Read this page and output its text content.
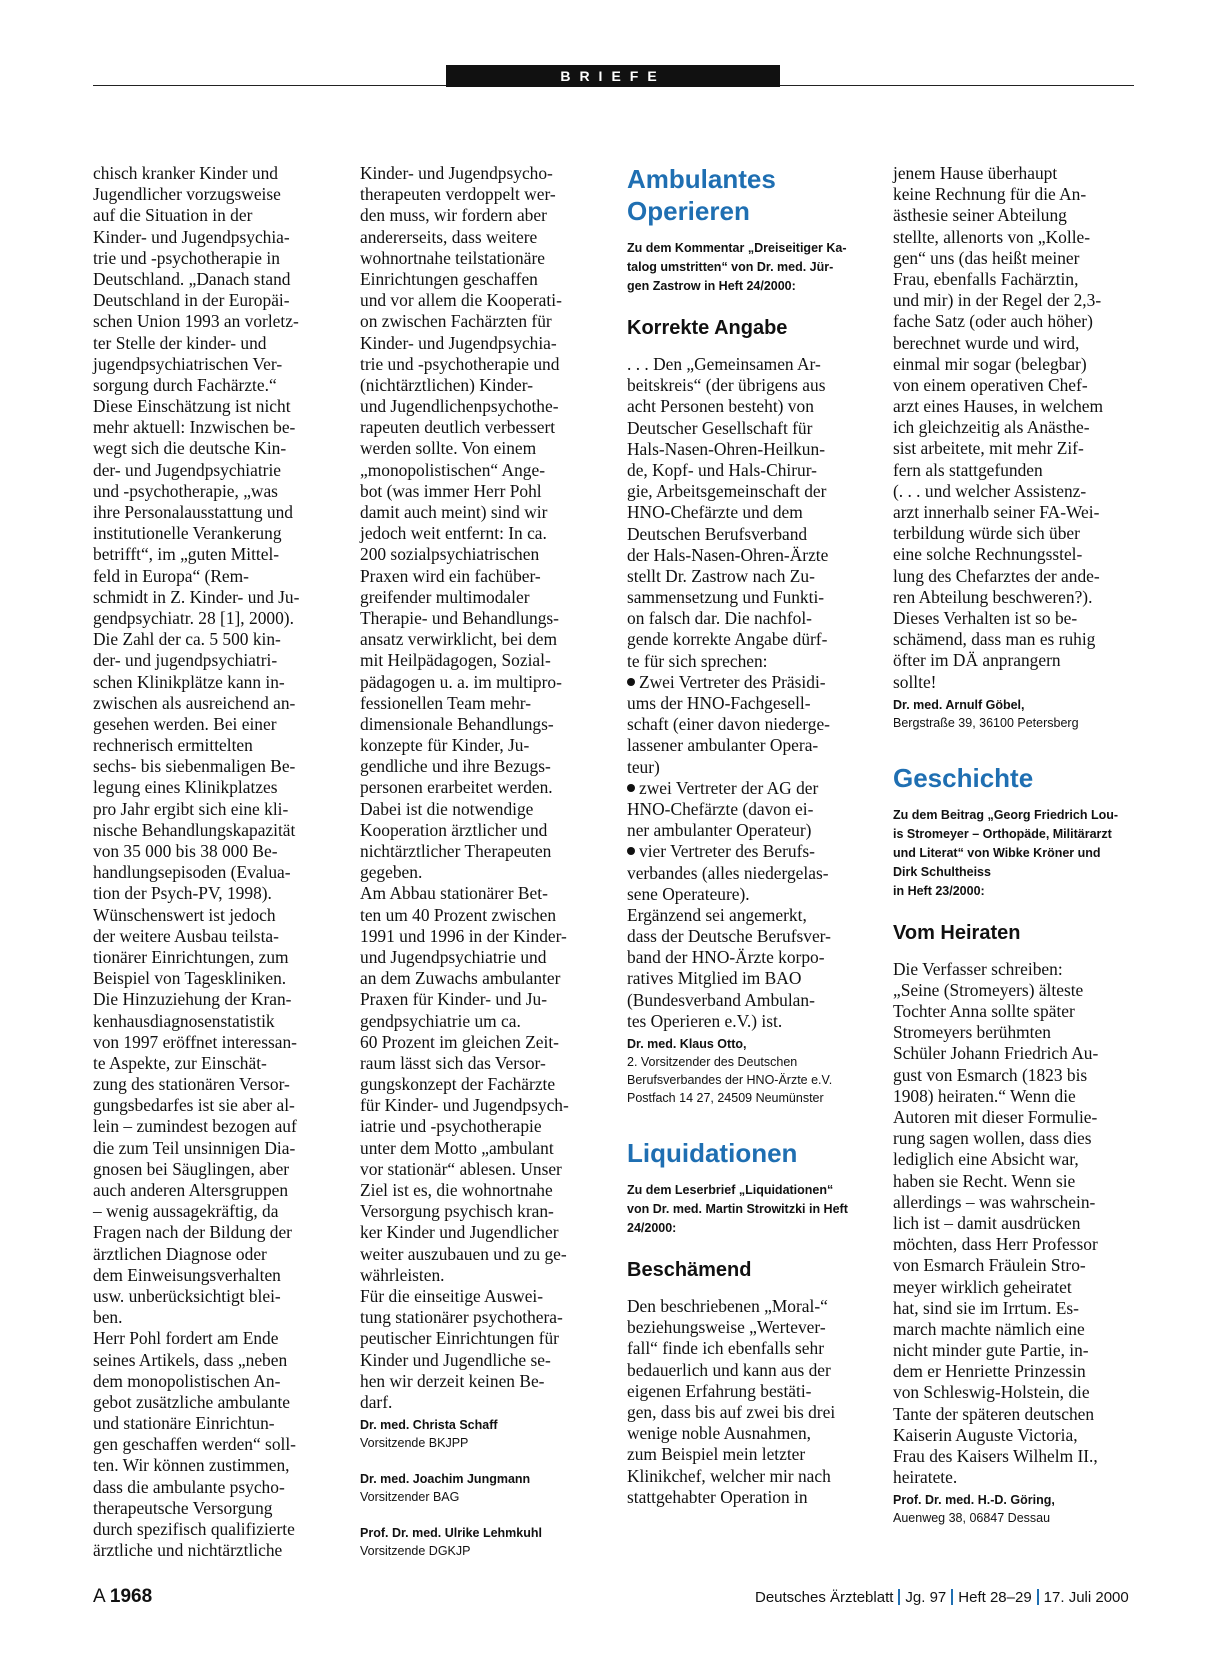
BRIEFE
chisch kranker Kinder und
Jugendlicher vorzugsweise
auf die Situation in der
Kinder- und Jugendpsychia-
trie und -psychotherapie in
Deutschland. „Danach stand
Deutschland in der Europäi-
schen Union 1993 an vorletz-
ter Stelle der kinder- und
jugendpsychiatrischen Ver-
sorgung durch Fachärzte.“
Diese Einschätzung ist nicht
mehr aktuell: Inzwischen be-
wegt sich die deutsche Kin-
der- und Jugendpsychiatrie
und -psychotherapie, „was
ihre Personalausstattung und
institutionelle Verankerung
betrifft“, im „guten Mittel-
feld in Europa“ (Rem-
schmidt in Z. Kinder- und Ju-
gendpsychiatr. 28 [1], 2000).
Die Zahl der ca. 5 500 kin-
der- und jugendpsychiatri-
schen Klinikplätze kann in-
zwischen als ausreichend an-
gesehen werden. Bei einer
rechnerisch ermittelten
sechs- bis siebenmaligen Be-
legung eines Klinikplatzes
pro Jahr ergibt sich eine kli-
nische Behandlungskapazität
von 35 000 bis 38 000 Be-
handlungsepisoden (Evalua-
tion der Psych-PV, 1998).
Wünschenswert ist jedoch
der weitere Ausbau teilsta-
tionärer Einrichtungen, zum
Beispiel von Tageskliniken.
Die Hinzuziehung der Kran-
kenhausdiagnosenstatistik
von 1997 eröffnet interessan-
te Aspekte, zur Einschät-
zung des stationären Versor-
gungsbedarfes ist sie aber al-
lein – zumindest bezogen auf
die zum Teil unsinnigen Dia-
gnosen bei Säuglingen, aber
auch anderen Altersgruppen
– wenig aussagekräftig, da
Fragen nach der Bildung der
ärztlichen Diagnose oder
dem Einweisungsverhalten
usw. unberücksichtigt blei-
ben.
Herr Pohl fordert am Ende
seines Artikels, dass „neben
dem monopolistischen An-
gebot zusätzliche ambulante
und stationäre Einrichtun-
gen geschaffen werden“ soll-
ten. Wir können zustimmen,
dass die ambulante psycho-
therapeutsche Versorgung
durch spezifisch qualifizierte
ärztliche und nichtärztliche
Kinder- und Jugendpsycho-
therapeuten verdoppelt wer-
den muss, wir fordern aber
andererseits, dass weitere
wohnortnahe teilstationäre
Einrichtungen geschaffen
und vor allem die Kooperati-
on zwischen Fachärzten für
Kinder- und Jugendpsychia-
trie und -psychotherapie und
(nichtärztlichen) Kinder-
und Jugendlichenpsychothe-
rapeuten deutlich verbessert
werden sollte. Von einem
„monopolistischen“ Ange-
bot (was immer Herr Pohl
damit auch meint) sind wir
jedoch weit entfernt: In ca.
200 sozialpsychiatrischen
Praxen wird ein fachüber-
greifender multimodaler
Therapie- und Behandlungs-
ansatz verwirklicht, bei dem
mit Heilpädagogen, Sozial-
pädagogen u. a. im multipro-
fessionellen Team mehr-
dimensionale Behandlungs-
konzepte für Kinder, Ju-
gendliche und ihre Bezugs-
personen erarbeitet werden.
Dabei ist die notwendige
Kooperation ärztlicher und
nichtärztlicher Therapeuten
gegeben.
Am Abbau stationärer Bet-
ten um 40 Prozent zwischen
1991 und 1996 in der Kinder-
und Jugendpsychiatrie und
an dem Zuwachs ambulanter
Praxen für Kinder- und Ju-
gendpsychiatrie um ca.
60 Prozent im gleichen Zeit-
raum lässt sich das Versor-
gungskonzept der Fachärzte
für Kinder- und Jugendpsych-
iatrie und -psychotherapie
unter dem Motto „ambulant
vor stationär“ ablesen. Unser
Ziel ist es, die wohnortnahe
Versorgung psychisch kran-
ker Kinder und Jugendlicher
weiter auszubauen und zu ge-
währleisten.
Für die einseitige Auswei-
tung stationärer psychothera-
peutischer Einrichtungen für
Kinder und Jugendliche se-
hen wir derzeit keinen Be-
darf.
Dr. med. Christa Schaff
Vorsitzende BKJPP
Dr. med. Joachim Jungmann
Vorsitzender BAG
Prof. Dr. med. Ulrike Lehmkuhl
Vorsitzende DGKJP
Ambulantes
Operieren
Zu dem Kommentar „Dreiseitiger Ka-
talog umstritten“ von Dr. med. Jür-
gen Zastrow in Heft 24/2000:
Korrekte Angabe
. . . Den „Gemeinsamen Ar-
beitskreis“ (der übrigens aus
acht Personen besteht) von
Deutscher Gesellschaft für
Hals-Nasen-Ohren-Heilkun-
de, Kopf- und Hals-Chirur-
gie, Arbeitsgemeinschaft der
HNO-Chefärzte und dem
Deutschen Berufsverband
der Hals-Nasen-Ohren-Ärzte
stellt Dr. Zastrow nach Zu-
sammensetzung und Funkti-
on falsch dar. Die nachfol-
gende korrekte Angabe dürf-
te für sich sprechen:
Zwei Vertreter des Präsidi-
ums der HNO-Fachgesell-
schaft (einer davon niederge-
lassener ambulanter Opera-
teur)
zwei Vertreter der AG der
HNO-Chefärzte (davon ei-
ner ambulanter Operateur)
vier Vertreter des Berufs-
verbandes (alles niedergelas-
sene Operateure).
Ergänzend sei angemerkt,
dass der Deutsche Berufsver-
band der HNO-Ärzte korpo-
ratives Mitglied im BAO
(Bundesverband Ambulan-
tes Operieren e.V.) ist.
Dr. med. Klaus Otto,
2. Vorsitzender des Deutschen
Berufsverbandes der HNO-Ärzte e.V.
Postfach 14 27, 24509 Neumünster
Liquidationen
Zu dem Leserbrief „Liquidationen“
von Dr. med. Martin Strowitzki in Heft
24/2000:
Beschämend
Den beschriebenen „Moral-“
beziehungsweise „Wertever-
fall“ finde ich ebenfalls sehr
bedauerlich und kann aus der
eigenen Erfahrung bestäti-
gen, dass bis auf zwei bis drei
wenige noble Ausnahmen,
zum Beispiel mein letzter
Klinikchef, welcher mir nach
stattgehabter Operation in
jenem Hause überhaupt
keine Rechnung für die An-
ästhesie seiner Abteilung
stellte, allenorts von „Kolle-
gen“ uns (das heißt meiner
Frau, ebenfalls Fachärztin,
und mir) in der Regel der 2,3-
fache Satz (oder auch höher)
berechnet wurde und wird,
einmal mir sogar (belegbar)
von einem operativen Chef-
arzt eines Hauses, in welchem
ich gleichzeitig als Anästhe-
sist arbeitete, mit mehr Zif-
fern als stattgefunden
(. . . und welcher Assistenz-
arzt innerhalb seiner FA-Wei-
terbildung würde sich über
eine solche Rechnungsstel-
lung des Chefarztes der ande-
ren Abteilung beschweren?).
Dieses Verhalten ist so be-
schämend, dass man es ruhig
öfter im DÄ anprangern
sollte!
Dr. med. Arnulf Göbel,
Bergstraße 39, 36100 Petersberg
Geschichte
Zu dem Beitrag „Georg Friedrich Lou-
is Stromeyer – Orthopäde, Militärarzt
und Literat“ von Wibke Kröner und
Dirk Schultheiss
in Heft 23/2000:
Vom Heiraten
Die Verfasser schreiben:
„Seine (Stromeyers) älteste
Tochter Anna sollte später
Stromeyers berühmten
Schüler Johann Friedrich Au-
gust von Esmarch (1823 bis
1908) heiraten.“ Wenn die
Autoren mit dieser Formulie-
rung sagen wollen, dass dies
lediglich eine Absicht war,
haben sie Recht. Wenn sie
allerdings – was wahrschein-
lich ist – damit ausdrücken
möchten, dass Herr Professor
von Esmarch Fräulein Stro-
meyer wirklich geheiratet
hat, sind sie im Irrtum. Es-
march machte nämlich eine
nicht minder gute Partie, in-
dem er Henriette Prinzessin
von Schleswig-Holstein, die
Tante der späteren deutschen
Kaiserin Auguste Victoria,
Frau des Kaisers Wilhelm II.,
heiratete.
Prof. Dr. med. H.-D. Göring,
Auenweg 38, 06847 Dessau
A 1968	Deutsches Ärzteblatt Jg. 97 Heft 28–29 17. Juli 2000
